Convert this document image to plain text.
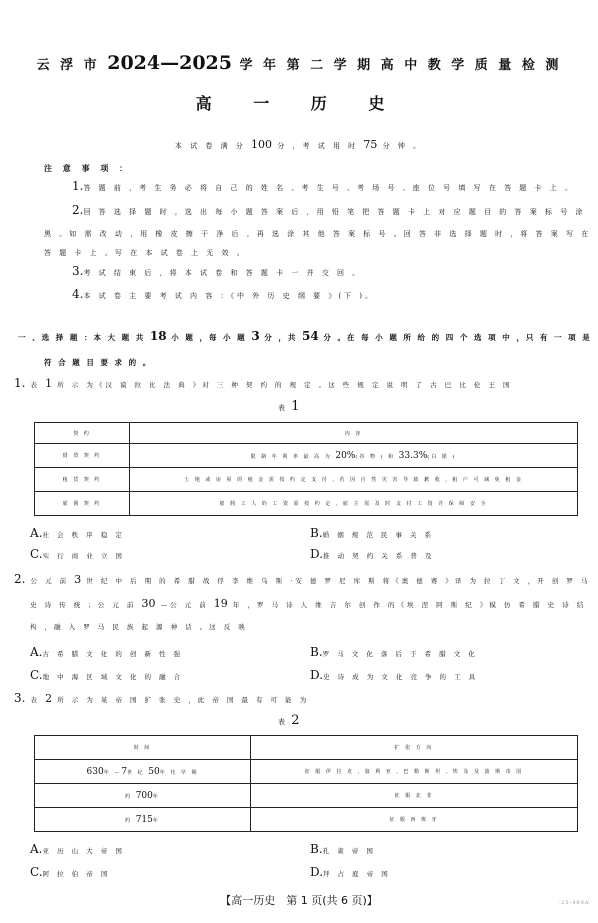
云 浮 市 2024—2025 学 年 第 二 学 期 高 中 教 学 质 量 检 测
高 一 历 史
本 试 卷 满 分 100 分 ，考 试 用 时 75 分 钟 。
注 意 事 项 ：
1.答 题 前 ，考 生 务 必 将 自 己 的 姓 名 、考 生 号 、考 场 号 、座 位 号 填 写 在 答 题 卡 上 。
2.回 答 选 择 题 时 ，选 出 每 小 题 答 案 后 ，用 铅 笔 把 答 题 卡 上 对 应 题 目 的 答 案 标 号 涂
黑 。如 需 改 动 ，用 橡 皮 擦 干 净 后 ，再 选 涂 其 他 答 案 标 号 。回 答 非 选 择 题 时 ，将 答 案 写 在
答 题 卡 上 。写 在 本 试 卷 上 无 效 。
3.考 试 结 束 后 ，将 本 试 卷 和 答 题 卡 一 并 交 回 。
4.本 试 卷 主 要 考 试 内 容 ：《中 外 历 史 纲 要 》(下 )。
一 、选 择 题 ：本 大 题 共 18 小 题 ，每 小 题 3 分 ，共 54 分 。在 每 小 题 所 给 的 四 个 选 项 中 ，只 有 一 项 是
符 合 题 目 要 求 的 。
1. 表 1 所 示 为《汉 谟 拉 比 法 典 》对 三 种 契 约 的 规 定 。这 些 规 定 说 明 了 古 巴 比 伦 王 国
表 1
契 约	内 容
借 贷 契 约	限 制 年 利 率 最 高 为 20%(谷 物 ) 和 33.3%(白 银 )
租 赁 契 约	土 地 或 房 屋 的 租 金 需 按 约 定 支 付 ，若 因 自 然 灾 害 导 致 歉 收 ，租 户 可 减 免 租 金
雇 佣 契 约	雇 佣 工 人 的 工 资 需 按 约 定 ，雇 主 需 及 时 支 付 工 资 并 保 障 安 全
A.社 会 秩 序 稳 定	B.婚 姻 规 范 民 事 关 系
C.实 行 商 业 立 国	D.推 动 契 约 关 系 普 及
2. 公 元 前 3 世 纪 中 后 期 的 希 腊 战 俘 李 维 乌 斯 ·安 德 罗 尼 库 斯 将《奥 德 赛 》译 为 拉 丁 文 ，开 创 罗 马
史 诗 传 统 ；公 元 前 30 —公 元 前 19 年 ，罗 马 诗 人 维 吉 尔 创 作 的《埃 涅 阿 斯 纪 》模 仿 希 腊 史 诗 结
构 ，融 入 罗 马 民 族 起 源 神 话 。这 反 映
A.古 希 腊 文 化 的 创 新 性 强	B.罗 马 文 化 落 后 于 希 腊 文 化
C.地 中 海 区 域 文 化 的 融 合	D.史 诗 成 为 文 化 竞 争 的 工 具
3. 表 2 所 示 为 某 帝 国 扩 张 史 ，此 帝 国 最 有 可 能 为
表 2
时 间	扩 张 方 向
630年 —7世 纪 50年 代 早 期	征 服 伊 拉 克 、叙 利 亚 、巴 勒 斯 坦 、埃 及 及 波 斯 帝 国
约 700年	征 服 北 非
约 715年	征 服 西 班 牙
A.亚 历 山 大 帝 国	B.孔 雀 帝 国
C.阿 拉 伯 帝 国	D.拜 占 庭 帝 国
【高一历史　第 1 页(共 6 页)】	·25-489A·
